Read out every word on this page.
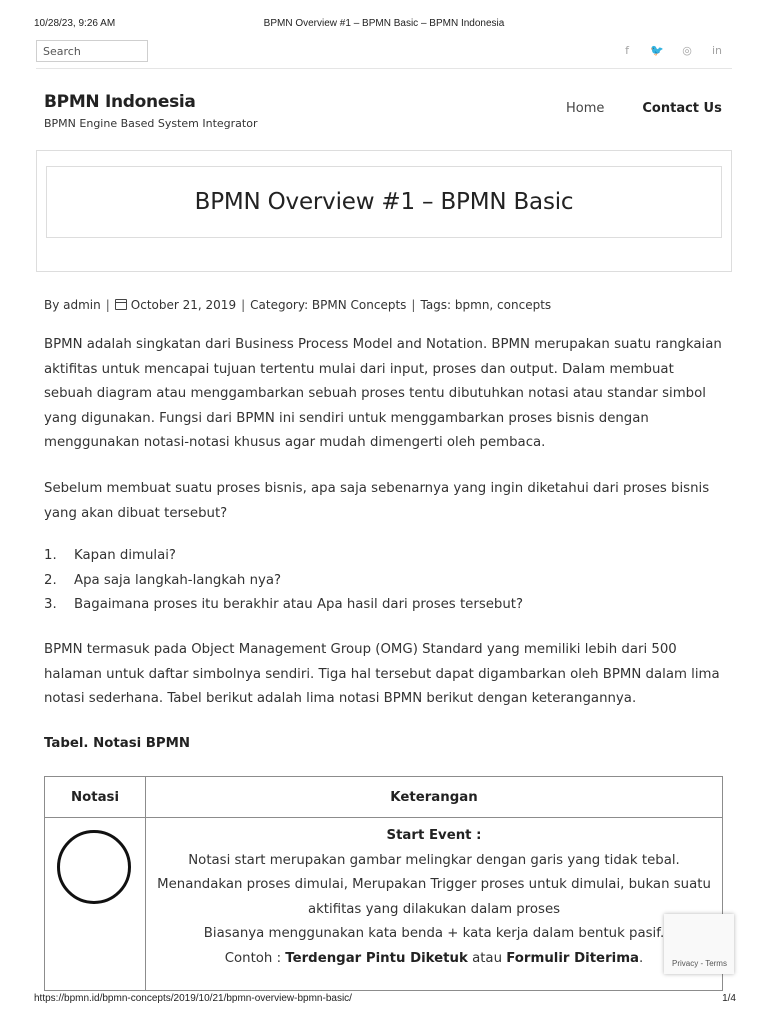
10/28/23, 9:26 AM	BPMN Overview #1 – BPMN Basic – BPMN Indonesia
Search
f	🐦 ◎ in
BPMN Indonesia
BPMN Engine Based System Integrator
Home	Contact Us
BPMN Overview #1 – BPMN Basic
By admin | October 21, 2019 | Category: BPMN Concepts | Tags: bpmn, concepts

BPMN adalah singkatan dari Business Process Model and Notation. BPMN merupakan suatu rangkaian aktifitas untuk mencapai tujuan tertentu mulai dari input, proses dan output. Dalam membuat sebuah diagram atau menggambarkan sebuah proses tentu dibutuhkan notasi atau standar simbol yang digunakan. Fungsi dari BPMN ini sendiri untuk menggambarkan proses bisnis dengan menggunakan notasi-notasi khusus agar mudah dimengerti oleh pembaca.

Sebelum membuat suatu proses bisnis, apa saja sebenarnya yang ingin diketahui dari proses bisnis yang akan dibuat tersebut?

1.	Kapan dimulai?
2.	Apa saja langkah-langkah nya?
3.	Bagaimana proses itu berakhir atau Apa hasil dari proses tersebut?

BPMN termasuk pada Object Management Group (OMG) Standard yang memiliki lebih dari 500 halaman untuk daftar simbolnya sendiri. Tiga hal tersebut dapat digambarkan oleh BPMN dalam lima notasi sederhana. Tabel berikut adalah lima notasi BPMN berikut dengan keterangannya.

Tabel. Notasi BPMN
Notasi	Keterangan

	Start Event :
Notasi start merupakan gambar melingkar dengan garis yang tidak tebal.
Menandakan proses dimulai, Merupakan Trigger proses untuk dimulai, bukan suatu aktifitas yang dilakukan dalam proses
Biasanya menggunakan kata benda + kata kerja dalam bentuk pasif.
Contoh : Terdengar Pintu Diketuk atau Formulir Diterima.	Privacy - Terms
https://bpmn.id/bpmn-concepts/2019/10/21/bpmn-overview-bpmn-basic/	1/4
